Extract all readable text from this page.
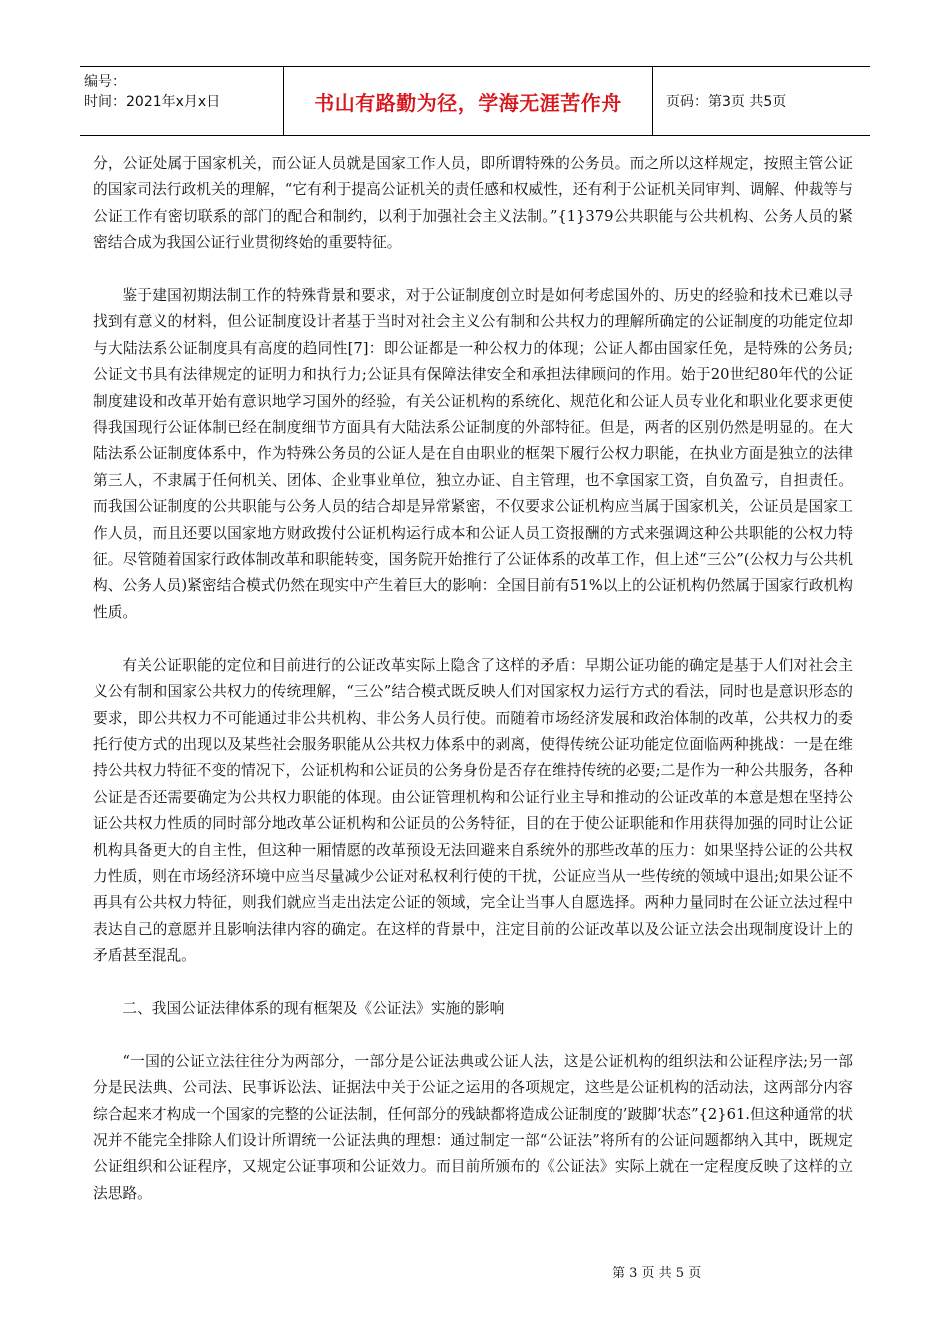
编号：
时间：2021年x月x日	书山有路勤为径，学海无涯苦作舟	页码：第3页 共5页

分，公证处属于国家机关，而公证人员就是国家工作人员，即所谓特殊的公务员。而之所以这样规定，按照主管公证的国家司法行政机关的理解，“它有利于提高公证机关的责任感和权威性，还有利于公证机关同审判、调解、仲裁等与公证工作有密切联系的部门的配合和制约，以利于加强社会主义法制。”{1}379公共职能与公共机构、公务人员的紧密结合成为我国公证行业贯彻终始的重要特征。

鉴于建国初期法制工作的特殊背景和要求，对于公证制度创立时是如何考虑国外的、历史的经验和技术已难以寻找到有意义的材料，但公证制度设计者基于当时对社会主义公有制和公共权力的理解所确定的公证制度的功能定位却与大陆法系公证制度具有高度的趋同性[7]：即公证都是一种公权力的体现；公证人都由国家任免，是特殊的公务员;公证文书具有法律规定的证明力和执行力;公证具有保障法律安全和承担法律顾问的作用。始于20世纪80年代的公证制度建设和改革开始有意识地学习国外的经验，有关公证机构的系统化、规范化和公证人员专业化和职业化要求更使得我国现行公证体制已经在制度细节方面具有大陆法系公证制度的外部特征。但是，两者的区别仍然是明显的。在大陆法系公证制度体系中，作为特殊公务员的公证人是在自由职业的框架下履行公权力职能，在执业方面是独立的法律第三人，不隶属于任何机关、团体、企业事业单位，独立办证、自主管理，也不拿国家工资，自负盈亏，自担责任。而我国公证制度的公共职能与公务人员的结合却是异常紧密，不仅要求公证机构应当属于国家机关，公证员是国家工作人员，而且还要以国家地方财政拨付公证机构运行成本和公证人员工资报酬的方式来强调这种公共职能的公权力特征。尽管随着国家行政体制改革和职能转变，国务院开始推行了公证体系的改革工作，但上述“三公”(公权力与公共机构、公务人员)紧密结合模式仍然在现实中产生着巨大的影响：全国目前有51%以上的公证机构仍然属于国家行政机构性质。

有关公证职能的定位和目前进行的公证改革实际上隐含了这样的矛盾：早期公证功能的确定是基于人们对社会主义公有制和国家公共权力的传统理解，“三公”结合模式既反映人们对国家权力运行方式的看法，同时也是意识形态的要求，即公共权力不可能通过非公共机构、非公务人员行使。而随着市场经济发展和政治体制的改革，公共权力的委托行使方式的出现以及某些社会服务职能从公共权力体系中的剥离，使得传统公证功能定位面临两种挑战：一是在维持公共权力特征不变的情况下，公证机构和公证员的公务身份是否存在维持传统的必要;二是作为一种公共服务，各种公证是否还需要确定为公共权力职能的体现。由公证管理机构和公证行业主导和推动的公证改革的本意是想在坚持公证公共权力性质的同时部分地改革公证机构和公证员的公务特征，目的在于使公证职能和作用获得加强的同时让公证机构具备更大的自主性，但这种一厢情愿的改革预设无法回避来自系统外的那些改革的压力：如果坚持公证的公共权力性质，则在市场经济环境中应当尽量减少公证对私权利行使的干扰，公证应当从一些传统的领域中退出;如果公证不再具有公共权力特征，则我们就应当走出法定公证的领域，完全让当事人自愿选择。两种力量同时在公证立法过程中表达自己的意愿并且影响法律内容的确定。在这样的背景中，注定目前的公证改革以及公证立法会出现制度设计上的矛盾甚至混乱。

二、我国公证法律体系的现有框架及《公证法》实施的影响

“一国的公证立法往往分为两部分，一部分是公证法典或公证人法，这是公证机构的组织法和公证程序法;另一部分是民法典、公司法、民事诉讼法、证据法中关于公证之运用的各项规定，这些是公证机构的活动法，这两部分内容综合起来才构成一个国家的完整的公证法制，任何部分的残缺都将造成公证制度的’跛脚’状态”{2}61.但这种通常的状况并不能完全排除人们设计所谓统一公证法典的理想：通过制定一部“公证法”将所有的公证问题都纳入其中，既规定公证组织和公证程序，又规定公证事项和公证效力。而目前所颁布的《公证法》实际上就在一定程度反映了这样的立法思路。

第 3 页 共 5 页
